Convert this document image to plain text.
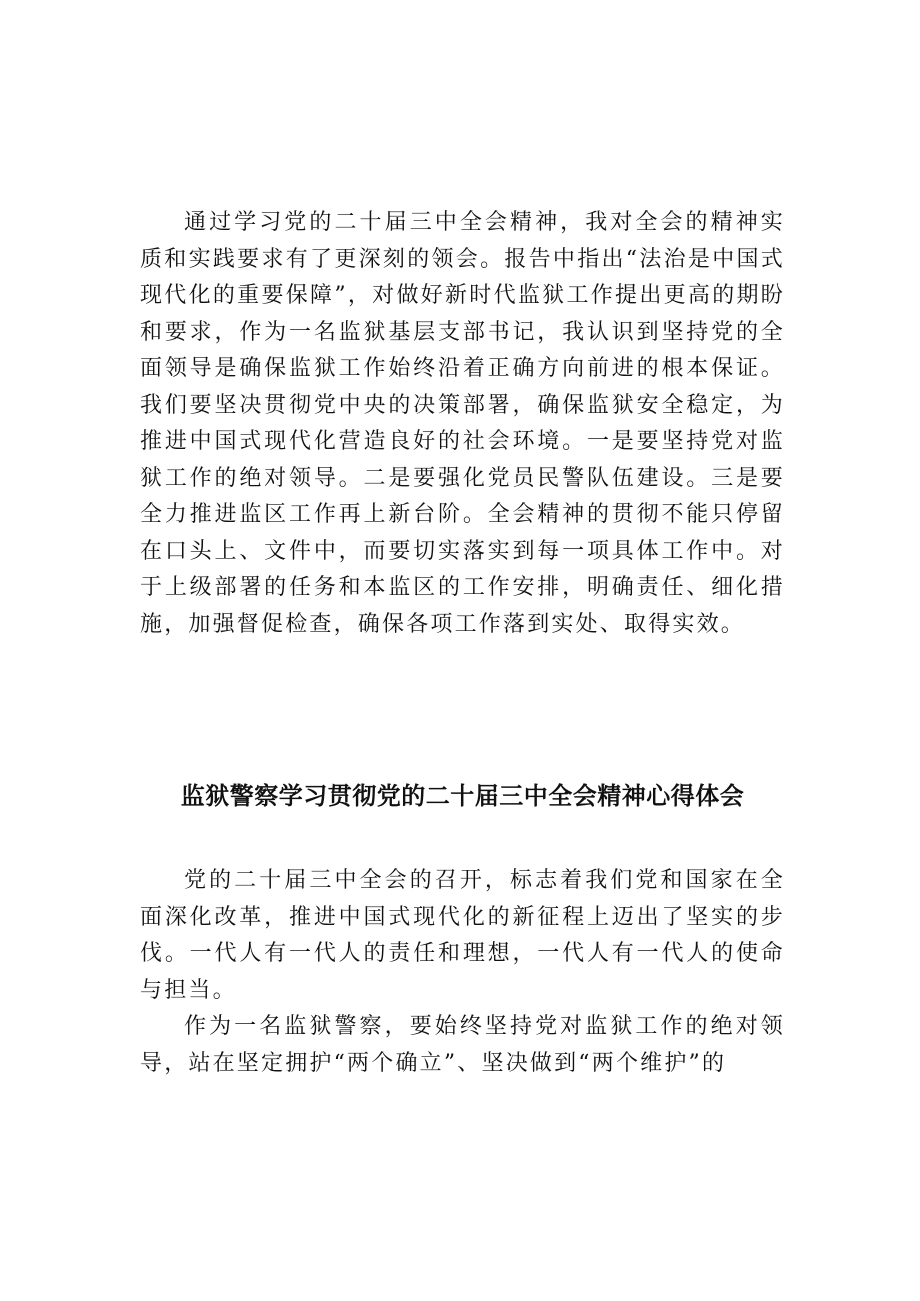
通过学习党的二十届三中全会精神，我对全会的精神实质和实践要求有了更深刻的领会。报告中指出“法治是中国式现代化的重要保障”，对做好新时代监狱工作提出更高的期盼和要求，作为一名监狱基层支部书记，我认识到坚持党的全面领导是确保监狱工作始终沿着正确方向前进的根本保证。我们要坚决贯彻党中央的决策部署，确保监狱安全稳定，为推进中国式现代化营造良好的社会环境。一是要坚持党对监狱工作的绝对领导。二是要强化党员民警队伍建设。三是要全力推进监区工作再上新台阶。全会精神的贯彻不能只停留在口头上、文件中，而要切实落实到每一项具体工作中。对于上级部署的任务和本监区的工作安排，明确责任、细化措施，加强督促检查，确保各项工作落到实处、取得实效。

监狱警察学习贯彻党的二十届三中全会精神心得体会

党的二十届三中全会的召开，标志着我们党和国家在全面深化改革，推进中国式现代化的新征程上迈出了坚实的步伐。一代人有一代人的责任和理想，一代人有一代人的使命与担当。

作为一名监狱警察，要始终坚持党对监狱工作的绝对领导，站在坚定拥护“两个确立”、坚决做到“两个维护”的
